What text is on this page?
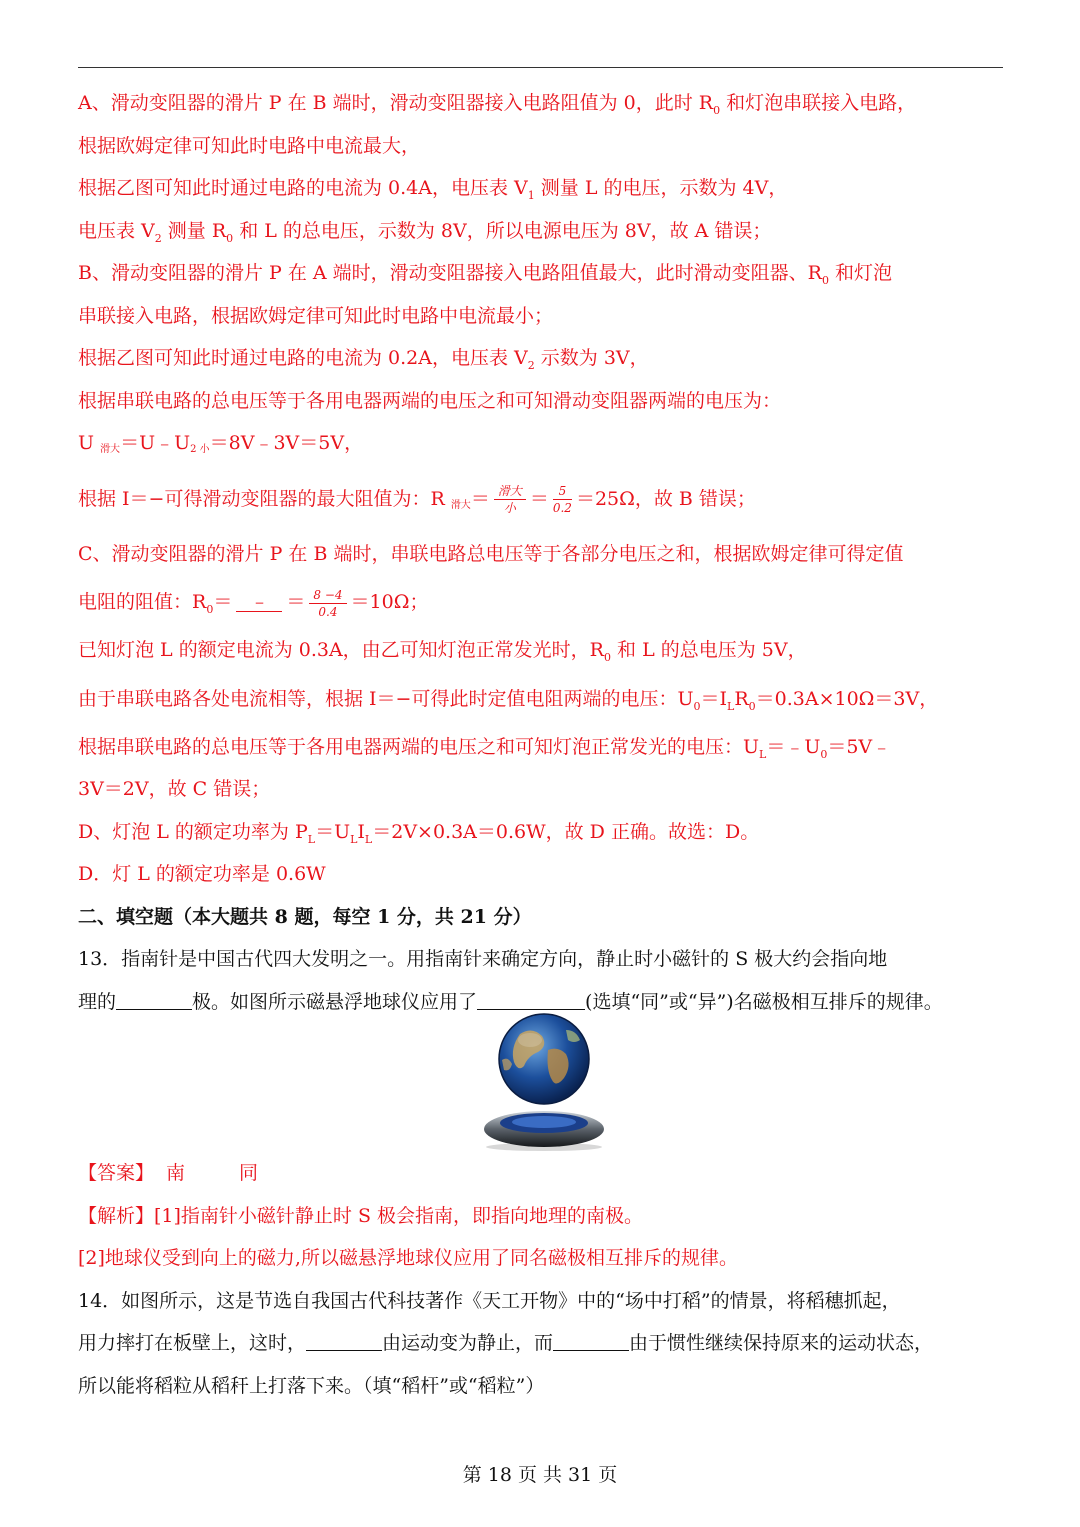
A、滑动变阻器的滑片 P 在 B 端时，滑动变阻器接入电路阻值为 0，此时 $R_0$ 和灯泡串联接入电路，

根据欧姆定律可知此时电路中电流最大，

根据乙图可知此时通过电路的电流为 0.4A，电压表 $V_1$ 测量 L 的电压，示数为 4V，

电压表 $V_2$ 测量 $R_0$ 和 L 的总电压，示数为 8V，所以电源电压为 8V，故 A 错误；

B、滑动变阻器的滑片 P 在 A 端时，滑动变阻器接入电路阻值最大，此时滑动变阻器、$R_0$ 和灯泡

串联接入电路，根据欧姆定律可知此时电路中电流最小；

根据乙图可知此时通过电路的电流为 0.2A，电压表 $V_2$ 示数为 3V，

根据串联电路的总电压等于各用电器两端的电压之和可知滑动变阻器两端的电压为：

U 滑大＝U﹣U2 小＝8V﹣3V＝5V，

根据 I＝−可得滑动变阻器的最大阻值为：R 滑大＝ $\frac{\text{滑大}}{\text{小}} = \frac{5}{0.2} =25\Omega$，故 B 错误；

C、滑动变阻器的滑片 P 在 B 端时，串联电路总电压等于各部分电压之和，根据欧姆定律可得定值

电阻的阻值：$R_0=$	−	＝ $\frac{8 -4}{0.4} =10\Omega$；

已知灯泡 L 的额定电流为 0.3A，由乙可知灯泡正常发光时，$R_0$ 和 L 的总电压为 5V，

由于串联电路各处电流相等，根据 I＝−可得此时定值电阻两端的电压：$U_0=I_LR_0=0.3A\times 10\Omega=3V$，

根据串联电路的总电压等于各用电器两端的电压之和可知灯泡正常发光的电压：$U_L=﹣U_0=5V﹣$

3V＝2V，故 C 错误；

D、灯泡 L 的额定功率为 $P_L=U_LI_L=2V\times 0.3A=0.6W$，故 D 正确。故选：D。

D．灯 L 的额定功率是 0.6W

二、填空题（本大题共 8 题，每空 1 分，共 21 分）

13．指南针是中国古代四大发明之一。用指南针来确定方向，静止时小磁针的 S 极大约会指向地

理的	极。如图所示磁悬浮地球仪应用了	(选填“同”或“异”)名磁极相互排斥的规律。

【答案】 南	同

【解析】[1]指南针小磁针静止时 S 极会指南，即指向地理的南极。

[2]地球仪受到向上的磁力,所以磁悬浮地球仪应用了同名磁极相互排斥的规律。

14．如图所示，这是节选自我国古代科技著作《天工开物》中的“场中打稻”的情景，将稻穗抓起，

用力摔打在板壁上，这时，	由运动变为静止，而	由于惯性继续保持原来的运动状态，

所以能将稻粒从稻秆上打落下来。（填“稻杆”或“稻粒”）

第 18 页 共 31 页
